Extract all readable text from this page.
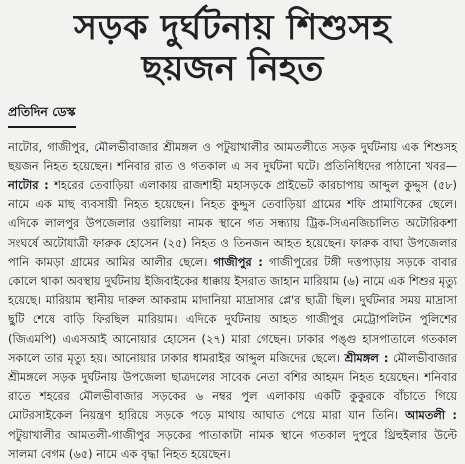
সড়ক দুর্ঘটনায় শিশুসহ
ছয়জন নিহত
প্রতিদিন ডেস্ক
নাটোর, গাজীপুর, মৌলভীবাজার শ্রীমঙ্গল ও পটুয়াখালীর আমতলীতে সড়ক দুর্ঘটনায় এক শিশুসহ ছয়জন নিহত হয়েছেন। শনিবার রাত ও গতকাল এ সব দুর্ঘটনা ঘটে। প্রতিনিধিদের পাঠানো খবর— নাটোর : শহরের তেবাড়িয়া এলাকায় রাজশাহী মহাসড়কে প্রাইভেট কারচাপায় আব্দুল কুদ্দুস (৫৮) নামে এক মাছ ব্যবসায়ী নিহত হয়েছেন। নিহত কুদ্দুস তেবাড়িয়া গ্রামের শফি প্রামাণিকের ছেলে। এদিকে লালপুর উপজেলার ওয়ালিয়া নামক স্থানে গত সন্ধ্যায় ট্রিক-সিএনজিচালিত অটোরিকশা সংঘর্ষে অটোযাত্রী ফারুক হোসেন (২৫) নিহত ও তিনজন আহত হয়েছেন। ফারুক বাঘা উপজেলার পানি কামড়া গ্রামের আমির আলীর ছেলে। গাজীপুর : গাজীপুরের টঙ্গী দত্তপাড়ায় সড়কে বাবার কোলে থাকা অবস্থায় দুর্ঘটনায় ইজিবাইকের ধাক্কায় ইসরাত জাহান মারিয়াম (৬) নামে এক শিশুর মৃত্যু হয়েছে। মারিয়াম স্থানীয় দারুল আকরাম মাদানিয়া মাদ্রাসার প্লে'র ছাত্রী ছিল। দুর্ঘটনার সময় মাদ্রাসা ছুটি শেষে বাড়ি ফিরছিল মারিয়াম। এদিকে দুর্ঘটনায় আহত গাজীপুর মেট্রোপলিটন পুলিশের (জিএমপি) এএসআই আনোয়ার হোসেন (২৭) মারা গেছেন। ঢাকার পঙ্গু হাসপাতালে গতকাল সকালে তার মৃত্যু হয়। আনোয়ার ঢাকার ধামরাইর আব্দুল মজিদের ছেলে। শ্রীমঙ্গল : মৌলভীবাজার শ্রীমঙ্গলে সড়ক দুর্ঘটনায় উপজেলা ছাত্রদলের সাবেক নেতা বশির আহমদ নিহত হয়েছেন। শনিবার রাতে শহরের মৌলভীবাজার সড়কের ৬ নম্বর পুল এলাকায় একটি কুকুরকে বাঁচাতে গিয়ে মোটরসাইকেল নিয়ন্ত্রণ হারিয়ে সড়কে পড়ে মাথায় আঘাত পেয়ে মারা যান তিনি। আমতলী : পটুয়াখালীর আমতলী-গাজীপুর সড়কের পাতাকাটা নামক স্থানে গতকাল দুপুরে থ্রিহুইলার উল্টে সালমা বেগম (৬৫) নামে এক বৃদ্ধা নিহত হয়েছেন।
